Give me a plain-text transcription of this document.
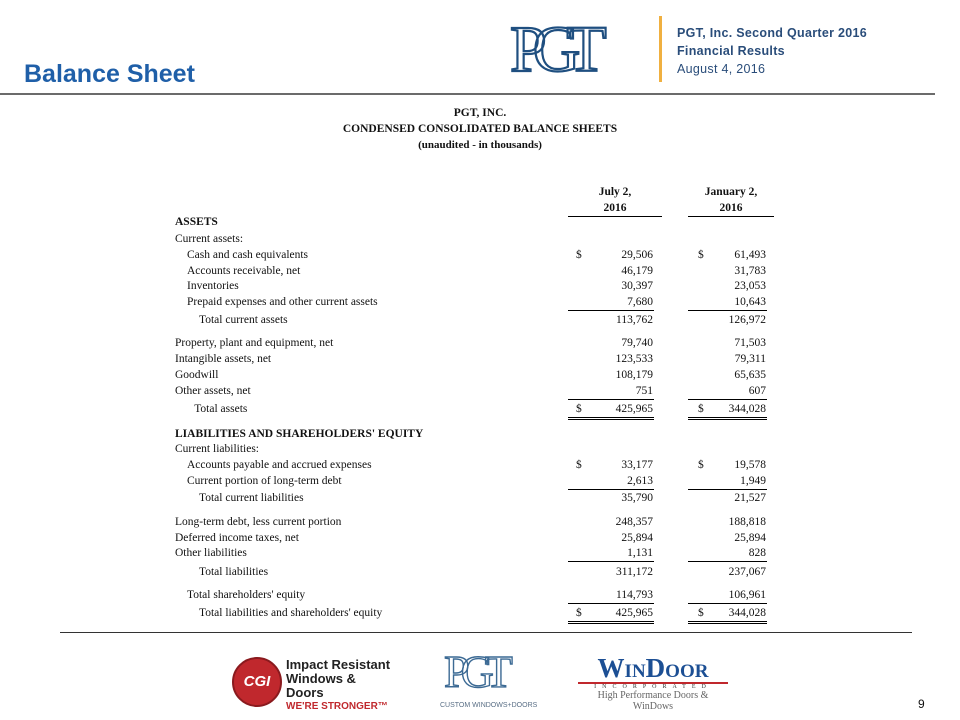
Balance Sheet	PGT	PGT, Inc. Second Quarter 2016
Financial Results
August 4, 2016
PGT, INC.
CONDENSED CONSOLIDATED BALANCE SHEETS
(unaudited - in thousands)
July 2,
2016
January 2,
2016
ASSETS
Current assets:
Cash and cash equivalents	$	29,506	$	61,493
Accounts receivable, net	46,179	31,783
Inventories	30,397	23,053
Prepaid expenses and other current assets	7,680	10,643
Total current assets	113,762	126,972
Property, plant and equipment, net	79,740	71,503
Intangible assets, net	123,533	79,311
Goodwill	108,179	65,635
Other assets, net	751	607
Total assets	$	425,965	$ 344,028
LIABILITIES AND SHAREHOLDERS' EQUITY
Current liabilities:
Accounts payable and accrued expenses	$	33,177	$	19,578
Current portion of long-term debt	2,613	1,949
Total current liabilities	35,790	21,527
Long-term debt, less current portion	248,357	188,818
Deferred income taxes, net	25,894	25,894
Other liabilities	1,131	828
Total liabilities	311,172	237,067
Total shareholders' equity	114,793	106,961
Total liabilities and shareholders' equity	$	425,965	$ 344,028
CGI
Impact Resistant
Windows & Doors
WE'RE STRONGER™
PGT
CUSTOM WINDOWS+DOORS
WinDoor
INCORPORATED
High Performance Doors & WinDows	9
